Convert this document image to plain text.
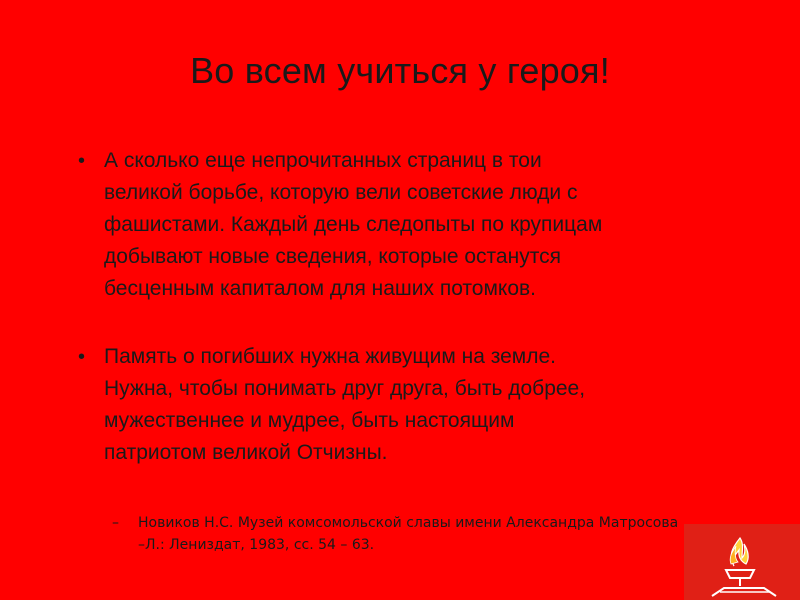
Во всем учиться у героя!
• А сколько еще непрочитанных страниц в тои
великой борьбе, которую вели советские люди с
фашистами. Каждый день следопыты по крупицам
добывают новые сведения, которые останутся
бесценным капиталом для наших потомков.
• Память о погибших нужна живущим на земле.
Нужна, чтобы понимать друг друга, быть добрее,
мужественнее и мудрее, быть настоящим
патриотом великой Отчизны.
– Новиков Н.С. Музей комсомольской славы имени Александра Матросова
–Л.: Лениздат, 1983, сс. 54 – 63.
